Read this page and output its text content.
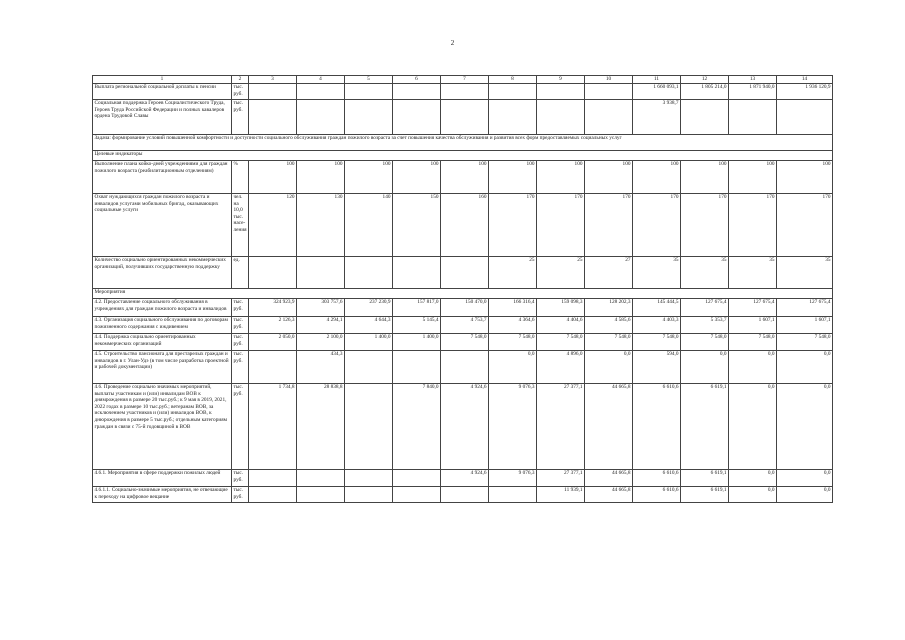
2
1	2	3	4	5	6	7	8	9	10	11	12	13	14
Выплата региональной социальной доплаты к пенсии	тыс. руб.									1 660 093,1	1 805 214,0	1 871 940,0	1 936 120,9
Социальная поддержка Героев Социалистического Труда, Героев Труда Российской Федерации и полных кавалеров ордена Трудовой Славы	тыс. руб.									3 938,7			
Задача: формирование условий повышенной комфортности и доступности социального обслуживания граждан пожилого возраста за счет повышения качества обслуживания и развития всех форм предоставляемых социальных услуг													
Целевые индикаторы													
Выполнение плана койко-дней учреждениями для граждан пожилого возраста (реабилитационным отделениям)	%	100	100	100	100	100	100	100	100	100	100	100	100
Охват нуждающихся граждан пожилого возраста и инвалидов услугами мобильных бригад, оказывающих социальные услуги	чел. на 10,0 тыс. насе-ления	120	130	140	150	160	170	170	170	170	170	170	170
Количество социально ориентированных некоммерческих организаций, получивших государственную поддержку	ед.						25	25	27	35	35	35	35
Мероприятия													
4.2. Предоставление социального обслуживания в учреждениях для граждан пожилого возраста и инвалидов	тыс. руб.	324 923,9	303 757,6	237 230,9	157 817,0	150 470,0	166 316,4	159 098,3	128 202,3	145 444,5	127 675,4	127 675,4	127 675,4
4.3. Организация социального обслуживания по договорам пожизненного содержания с иждивением	тыс. руб.	2 126,3	4 294,1	4 644,3	5 145,4	4 753,7	4 364,6	4 404,6	4 585,6	4 403,3	5 353,7	1 607,1	1 607,1
4.4. Поддержка социально ориентированных некоммерческих организаций	тыс. руб.	2 050,0	2 100,0	1 400,0	1 400,0	7 548,0	7 548,0	7 548,0	7 548,0	7 548,0	7 548,0	7 548,0	7 548,0
4.5. Строительство пансионата для престарелых граждан и инвалидов в г. Улан-Удэ (в том числе разработка проектной и рабочей документации)	тыс. руб.		434,3				0,0	4 896,0	0,0	594,0	0,0	0,0	0,0
4.6. Проведение социально значимых мероприятий, выплаты участникам и (или) инвалидам ВОВ к днямрождения в размере 20 тыс.руб.; к 9 мая в 2019, 2021, 2022 годах в размере 10 тыс.руб.; ветеранам ВОВ, за исключением участников и (или) инвалидов ВОВ, к днюрождения в размере 5 тыс.руб.; отдельным категориям граждан в связи с 75-й годовщиной в ВОВ	тыс. руб.	1 734,8	28 838,8		7 840,0	4 924,6	9 076,3	27 377,1	44 665,8	6 610,6	6 619,1	0,0	0,0
4.6.1. Мероприятия в сфере поддержки пожилых людей	тыс. руб.					4 924,6	9 076,3	27 377,1	44 665,8	6 610,6	6 619,1	0,0	0,0
4.6.1.1. Социально-значимые мероприятия, не отвечающие к переходу на цифровое вещание	тыс. руб.							11 939,1	44 665,8	6 610,6	6 619,1	0,0	0,0
